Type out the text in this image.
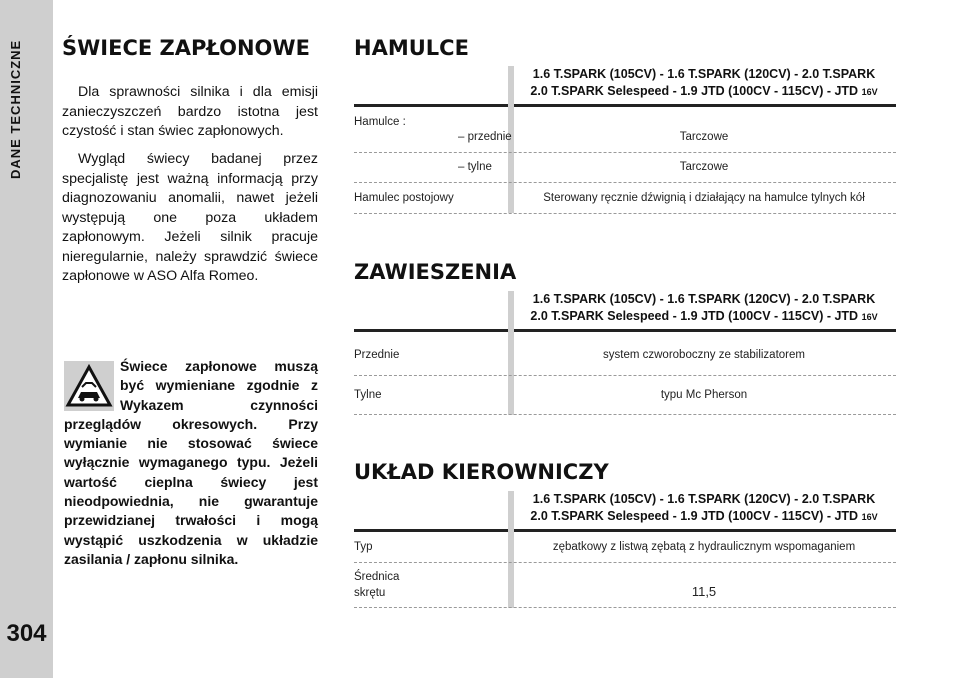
DANE TECHNICZNE
304
ŚWIECE ZAPŁONOWE
Dla sprawności silnika i dla emisji zanieczyszczeń bardzo istotna jest czystość i stan świec zapłonowych.
Wygląd świecy badanej przez specjalistę jest ważną informacją przy diagnozowaniu anomalii, nawet jeżeli występują one poza układem zapłonowym. Jeżeli silnik pracuje nieregularnie, należy sprawdzić świece zapłonowe w ASO Alfa Romeo.
Świece zapłonowe muszą być wymieniane zgodnie z Wykazem czynności przeglądów okresowych. Przy wymianie nie stosować świece wyłącznie wymaganego typu. Jeżeli wartość cieplna świecy jest nieodpowiednia, nie gwarantuje przewidzianej trwałości i mogą wystąpić uszkodzenia w układzie zasilania / zapłonu silnika.
HAMULCE
1.6 T.SPARK (105CV) - 1.6 T.SPARK (120CV) - 2.0 T.SPARK
2.0 T.SPARK Selespeed - 1.9 JTD (100CV - 115CV) - JTD 16V
Hamulce :
– przednie	Tarczowe
– tylne	Tarczowe
Hamulec postojowy	Sterowany ręcznie dźwignią i działający na hamulce tylnych kół
ZAWIESZENIA
1.6 T.SPARK (105CV) - 1.6 T.SPARK (120CV) - 2.0 T.SPARK
2.0 T.SPARK Selespeed - 1.9 JTD (100CV - 115CV) - JTD 16V
Przednie	system czworoboczny ze stabilizatorem
Tylne	typu Mc Pherson
UKŁAD KIEROWNICZY
1.6 T.SPARK (105CV) - 1.6 T.SPARK (120CV) - 2.0 T.SPARK
2.0 T.SPARK Selespeed - 1.9 JTD (100CV - 115CV) - JTD 16V
Typ	zębatkowy z listwą zębatą z hydraulicznym wspomaganiem
Średnica
skrętu	11,5
